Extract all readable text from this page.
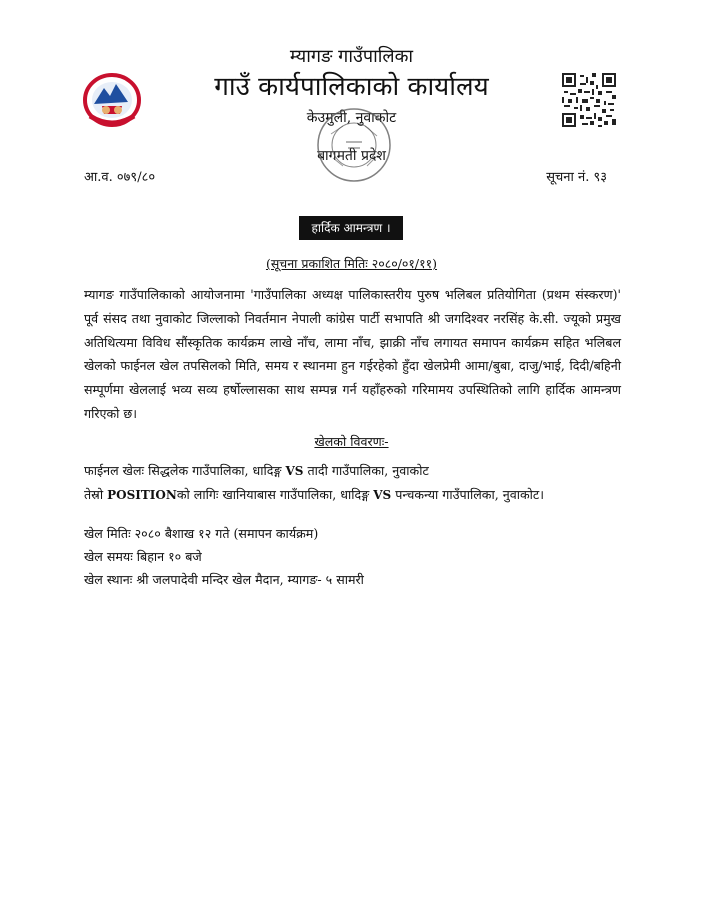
म्यागङ गाउँपालिका
गाउँ कार्यपालिकाको कार्यालय
केउमुली, नुवाकोट
बागमती प्रदेश
आ.व. ०७९/८०	सूचना नं. ९३
हार्दिक आमन्त्रण ।
(सूचना प्रकाशित मितिः २०८०/०१/११)
म्यागङ गाउँपालिकाको आयोजनामा 'गाउँपालिका अध्यक्ष पालिकास्तरीय पुरुष भलिबल प्रतियोगिता (प्रथम संस्करण)' पूर्व संसद तथा नुवाकोट जिल्लाको निवर्तमान नेपाली कांग्रेस पार्टी सभापति श्री जगदिश्वर नरसिंह के.सी. ज्यूको प्रमुख अतिथित्यमा विविध सौंस्कृतिक कार्यक्रम लाखे नाँच, लामा नाँच, झाक्री नाँच लगायत समापन कार्यक्रम सहित भलिबल खेलको फाईनल खेल तपसिलको मिति, समय र स्थानमा हुन गईरहेको हुँदा खेलप्रेमी आमा/बुबा, दाजु/भाई, दिदी/बहिनी सम्पूर्णमा खेललाई भव्य सव्य हर्षोल्लासका साथ सम्पन्न गर्न यहाँहरुको गरिमामय उपस्थितिको लागि हार्दिक आमन्त्रण गरिएको छ।
खेलको विवरणः-
फाईनल खेलः सिद्धलेक गाउँपालिका, धादिङ्ग VS तादी गाउँपालिका, नुवाकोट
तेस्रो POSITIONको लागिः खानियाबास गाउँपालिका, धादिङ्ग VS पन्चकन्या गाउँपालिका, नुवाकोट।
खेल मितिः २०८० बैशाख १२ गते (समापन कार्यक्रम)
खेल समयः बिहान १० बजे
खेल स्थानः श्री जलपादेवी मन्दिर खेल मैदान, म्यागङ- ५ सामरी
